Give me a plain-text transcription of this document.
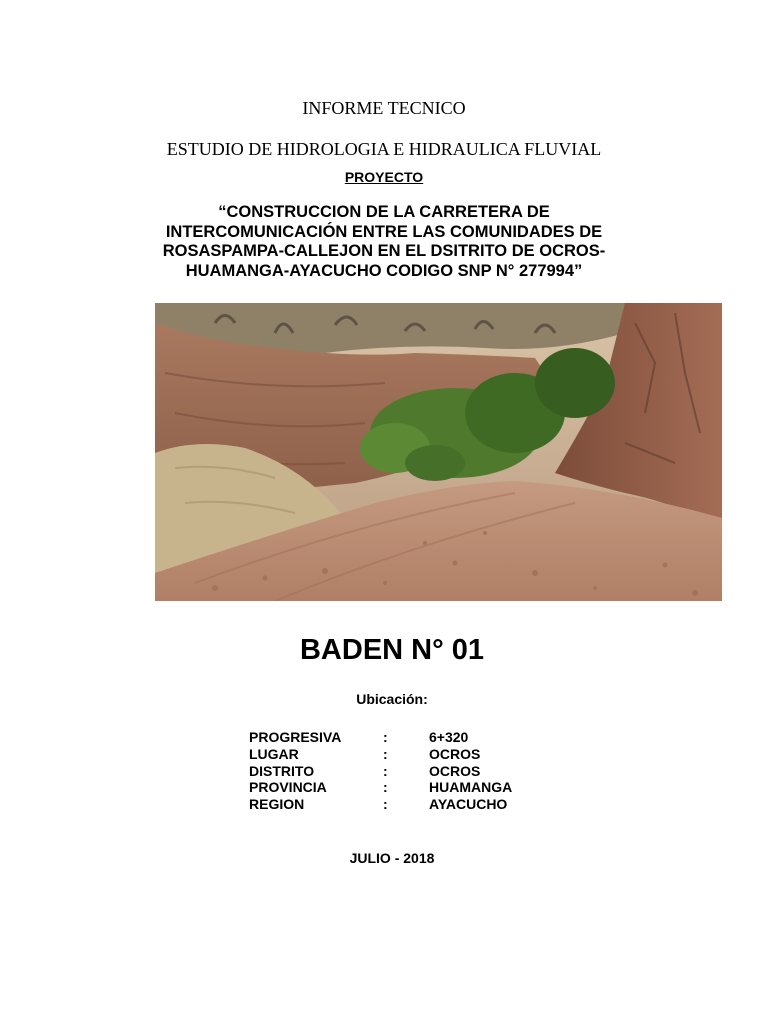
INFORME TECNICO
ESTUDIO DE HIDROLOGIA E HIDRAULICA FLUVIAL
PROYECTO
“CONSTRUCCION DE LA CARRETERA DE INTERCOMUNICACIÓN ENTRE LAS COMUNIDADES DE ROSASPAMPA-CALLEJON EN EL DSITRITO DE OCROS-HUAMANGA-AYACUCHO CODIGO SNP N° 277994”
BADEN N° 01
Ubicación:
PROGRESIVA	:	6+320
LUGAR	:	OCROS
DISTRITO	:	OCROS
PROVINCIA	:	HUAMANGA
REGION	:	AYACUCHO
JULIO - 2018
